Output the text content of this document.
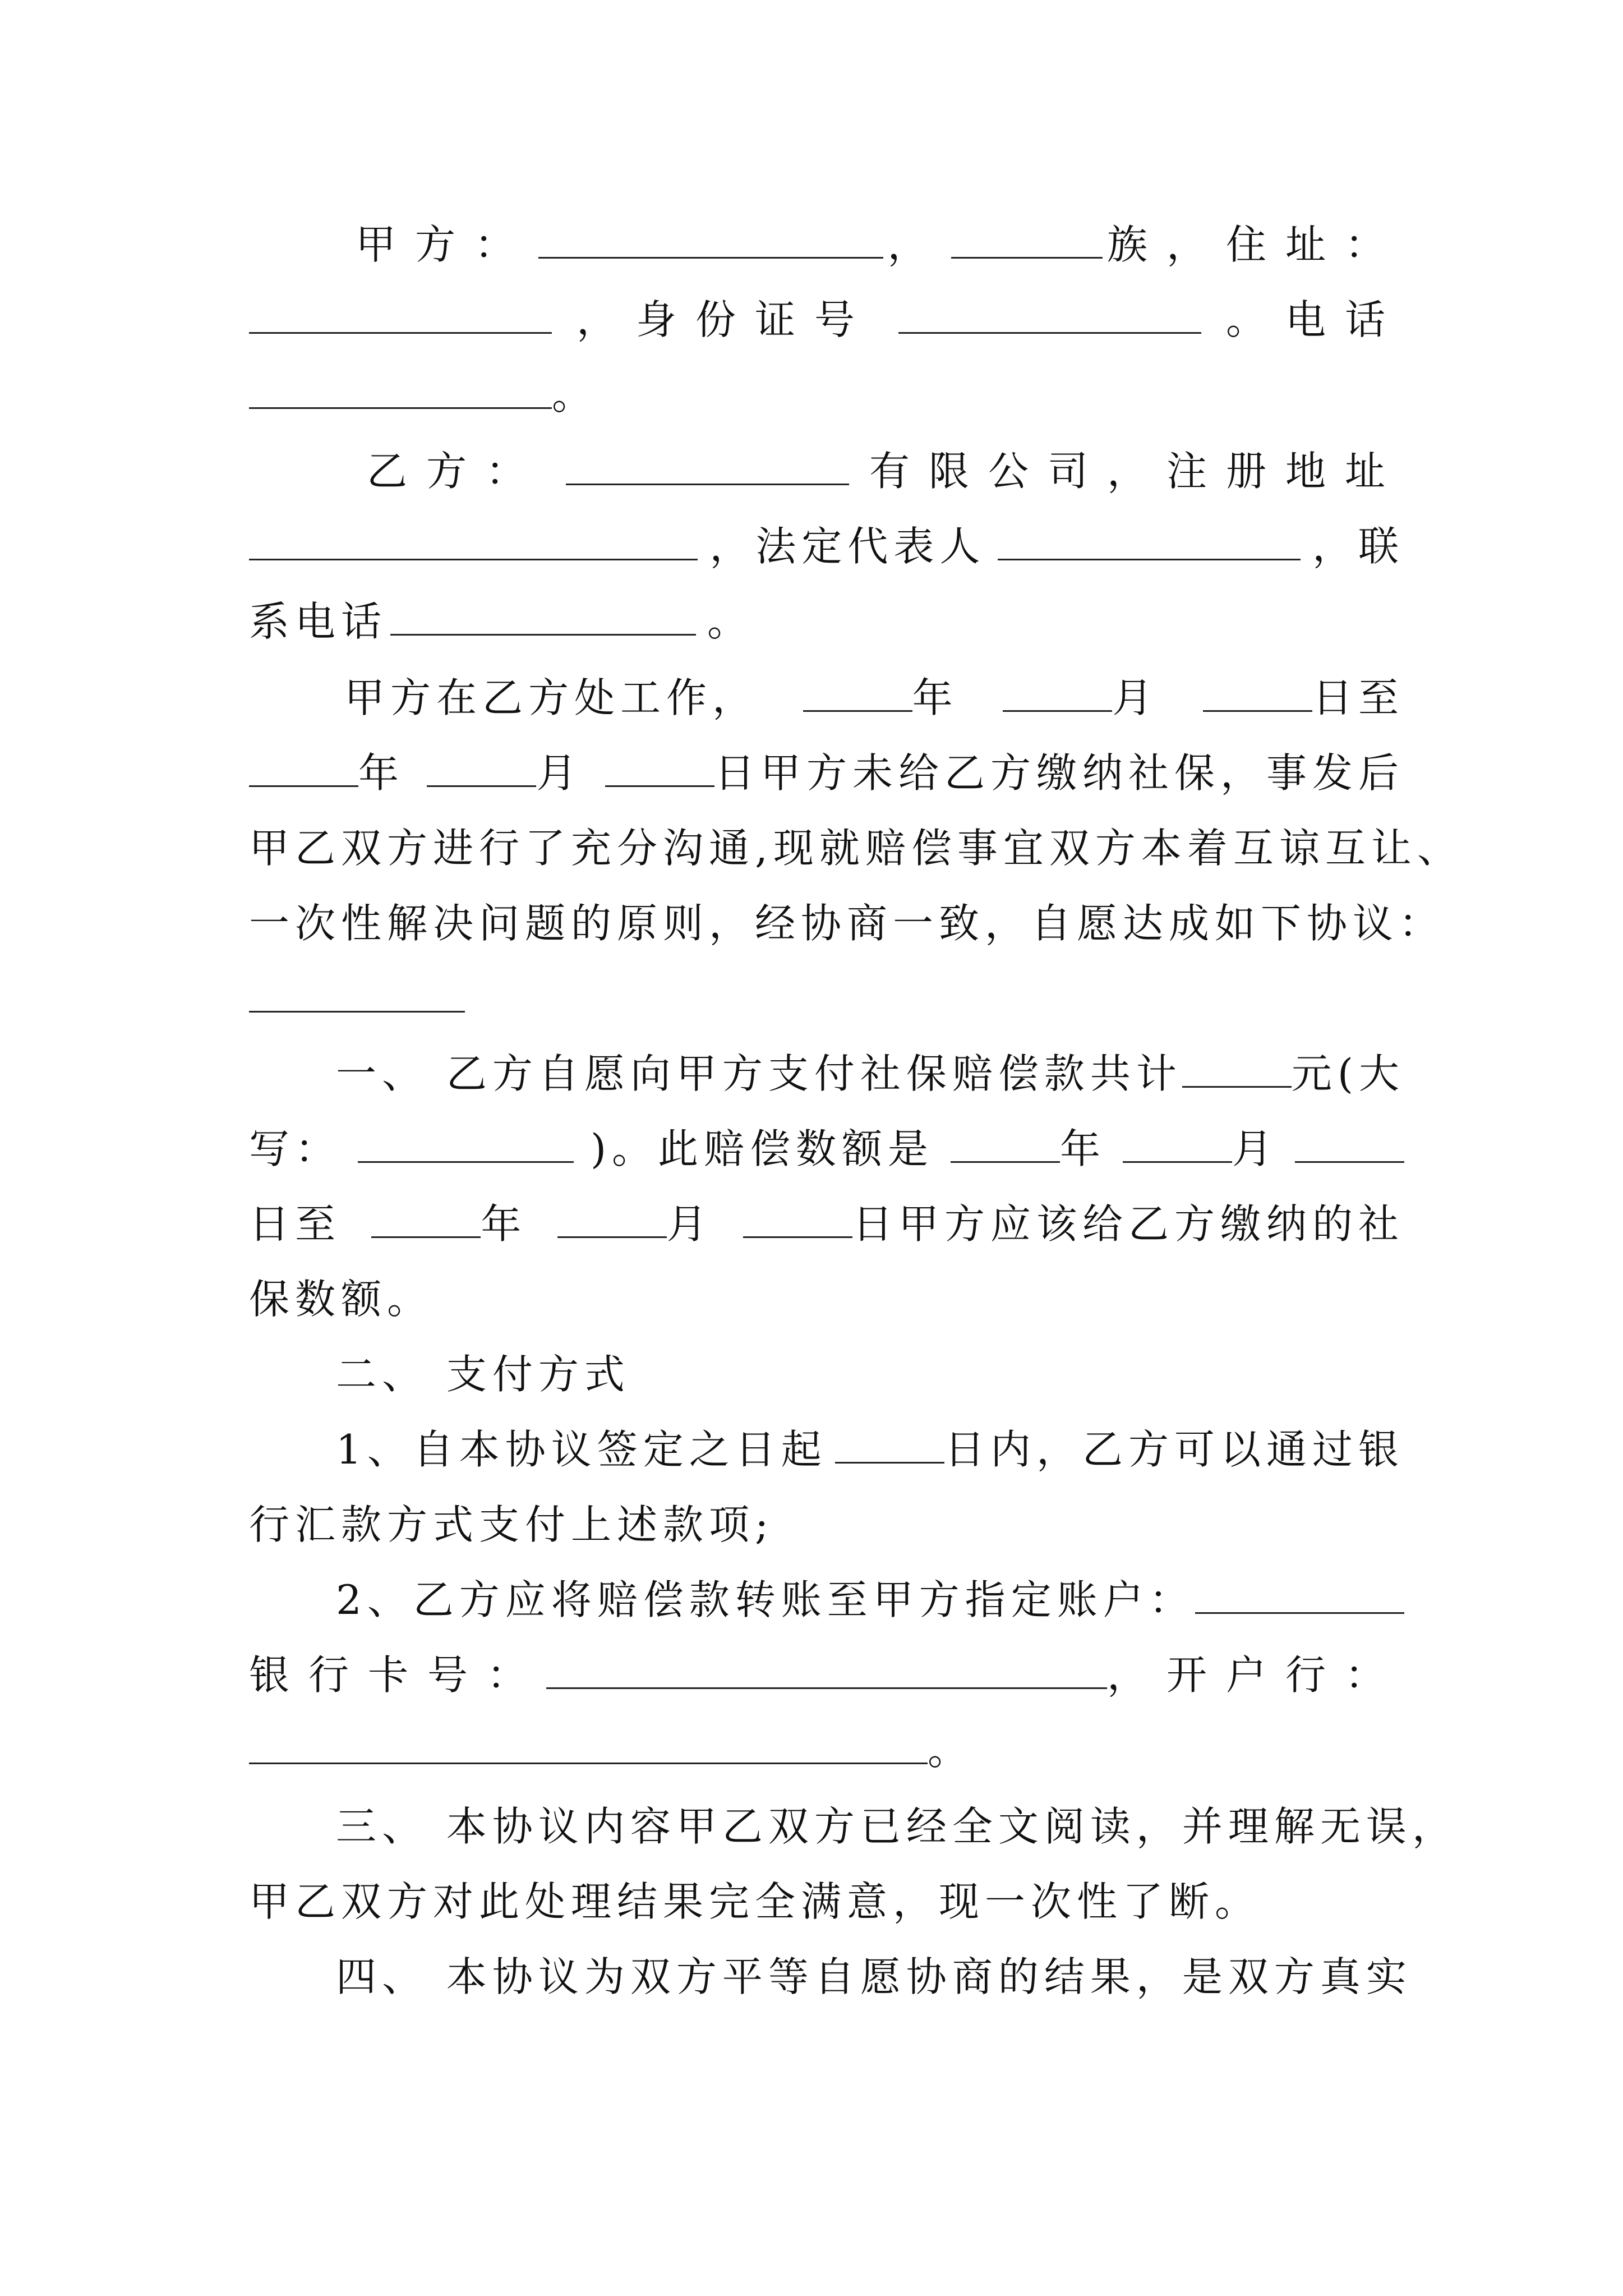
甲方：	，	族，住址：
，身份证号	。电话
。
乙方：	有限公司，注册地址
，法定代表人	，联
系电话	。
甲方在乙方处工作，	年	月	日至
年	月	日甲方未给乙方缴纳社保，事发后
甲乙双方进行了充分沟通,现就赔偿事宜双方本着互谅互让、
一次性解决问题的原则，经协商一致，自愿达成如下协议：
一、 乙方自愿向甲方支付社保赔偿款共计	元(大
写：	)。此赔偿数额是	年	月
日至	年	月	日甲方应该给乙方缴纳的社
保数额。
二、 支付方式
1、自本协议签定之日起	日内，乙方可以通过银
行汇款方式支付上述款项;
2、乙方应将赔偿款转账至甲方指定账户：
银行卡号：	，开户行：
。
三、 本协议内容甲乙双方已经全文阅读，并理解无误，
甲乙双方对此处理结果完全满意，现一次性了断。
四、 本协议为双方平等自愿协商的结果，是双方真实
